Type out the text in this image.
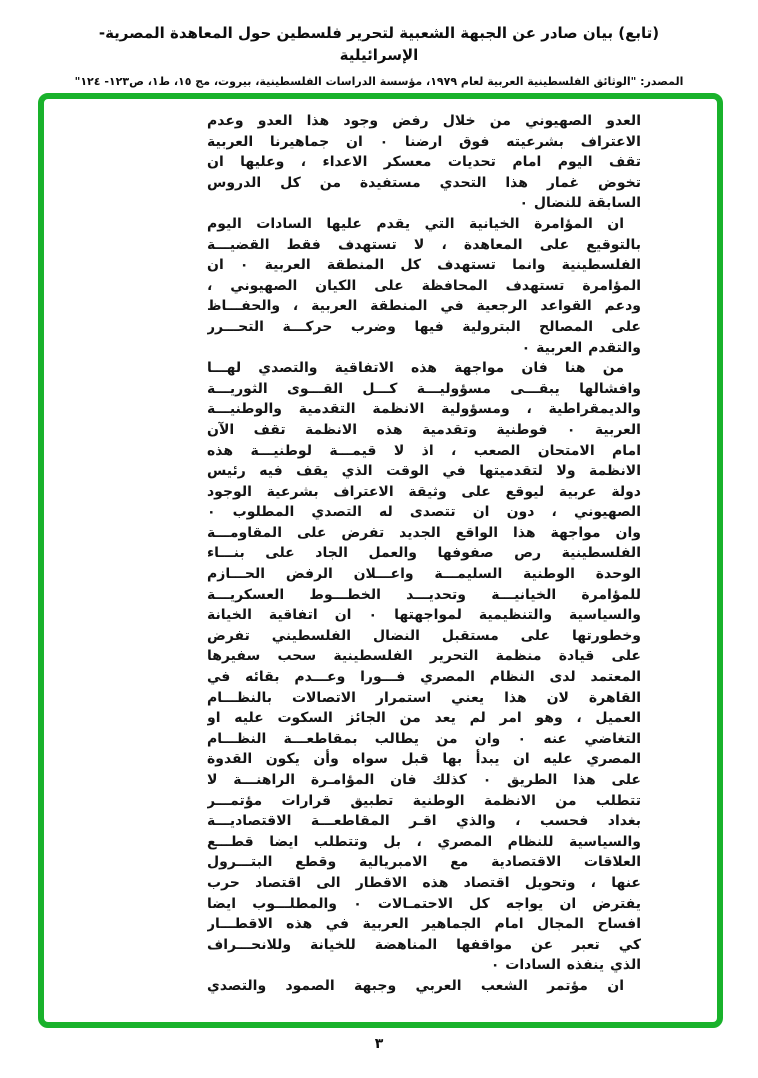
(تابع) بيان صادر عن الجبهة الشعبية لتحرير فلسطين حول المعاهدة المصرية- الإسرائيلية
المصدر: "الوثائق الفلسطينية العربية لعام ١٩٧٩، مؤسسة الدراسات الفلسطينية، بيروت، مج ١٥، ط١، ص١٢٣- ١٢٤"
العدو الصهيوني من خلال رفض وجود هذا العدو وعدم
الاعتراف بشرعيته فوق ارضنا ٠ ان جماهيرنا العربية
تقف اليوم امام تحديات معسكر الاعداء ، وعليها ان
تخوض غمار هذا التحدي مستفيدة من كل الدروس
السابقة للنضال ٠
ان المؤامرة الخيانية التي يقدم عليها السادات اليوم
بالتوقيع على المعاهدة ، لا تستهدف فقط القضيـــة
الفلسطينية وانما تستهدف كل المنطقة العربية ٠ ان
المؤامرة تستهدف المحافظة على الكيان الصهيوني ،
ودعم القواعد الرجعية في المنطقة العربية ، والحفـــاظ
على المصالح البترولية فيها وضرب حركـــة التحـــرر
والتقدم العربية ٠
من هنا فان مواجهة هذه الاتفاقية والتصدي لهـــا
وافشالها يبقـــى مسؤوليـــة كـــل القـــوى الثوريـــة
والديمقراطية ، ومسؤولية الانظمة التقدمية والوطنيـــة
العربية ٠ فوطنية وتقدمية هذه الانظمة تقف الآن
امام الامتحان الصعب ، اذ لا قيمـــة لوطنيـــة هذه
الانظمة ولا لتقدميتها في الوقت الذي يقف فيه رئيس
دولة عربية ليوقع على وثيقة الاعتراف بشرعية الوجود
الصهيوني ، دون ان تتصدى له التصدي المطلوب ٠
وان مواجهة هذا الواقع الجديد تفرض على المقاومـــة
الفلسطينية رص صفوفها والعمل الجاد على بنـــاء
الوحدة الوطنية السليمـــة واعـــلان الرفض الحـــازم
للمؤامرة الخيانيـــة وتحديـــد الخطـــوط العسكريـــة
والسياسية والتنظيمية لمواجهتها ٠ ان اتفاقية الخيانة
وخطورتها على مستقبل النضال الفلسطيني تفرض
على قيادة منظمة التحرير الفلسطينية سحب سفيرها
المعتمد لدى النظام المصري فـــورا وعـــدم بقائه في
القاهرة لان هذا يعني استمرار الاتصالات بالنظـــام
العميل ، وهو امر لم يعد من الجائز السكوت عليه او
التغاضي عنه ٠ وان من يطالب بمقاطعـــة النظـــام
المصري عليه ان يبدأ بها قبل سواه وأن يكون القدوة
على هذا الطريق ٠ كذلك فان المؤامـرة الراهنـــة لا
تتطلب من الانظمة الوطنية تطبيق قرارات مؤتمـــر
بغداد فحسب ، والذي اقـر المقاطعـــة الاقتصاديـــة
والسياسية للنظام المصري ، بل وتتطلب ايضا قطـــع
العلاقات الاقتصادية مع الامبريالية وقطع البتـــرول
عنها ، وتحويل اقتصاد هذه الاقطار الى اقتصاد حرب
يفترض ان يواجه كل الاحتمـالات ٠ والمطلـــوب ايضا
افساح المجال امام الجماهير العربية في هذه الاقطـــار
كي تعبر عن مواقفها المناهضة للخيانة وللانحـــراف
الذي ينفذه السادات ٠
ان مؤتمر الشعب العربي وجبهة الصمود والتصدي
٣
